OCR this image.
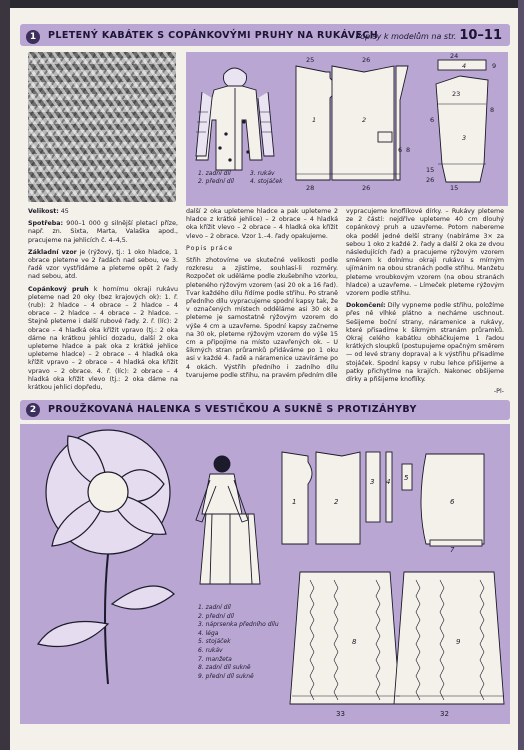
1	PLETENÝ KABÁTEK S COPÁNKOVÝMI PRUHY NA RUKÁVECH
Popisy k modelům na str. 10–11
25	26
28	26
1	2
24
15
15
26
23
9
8
6
3
4
6 8
1. zadní díl
2. přední díl
3. rukáv
4. stojáček

Velikost: 45

Spotřeba: 900–1 000 g silnější pletací příze, např. zn. Sixta, Marta, Valaška apod., pracujeme na jehlicích č. 4–4,5.

Základní vzor je (rýžový, tj.: 1 oko hladce, 1 obrace pleteme ve 2 řadách nad sebou, ve 3. řadě vzor vystřídáme a pleteme opět 2 řady nad sebou, atd.

Copánkový pruh k hornímu okraji rukávu pleteme nad 20 oky (bez krajových ok): 1. ř. (rub): 2 hladce – 4 obrace – 2 hladce – 4 obrace – 2 hladce – 4 obrace – 2 hladce. – Stejně pleteme i další rubové řady. 2. ř. (líc): 2 obrace – 4 hladká oka křížit vpravo (tj.: 2 oka dáme na krátkou jehlici dozadu, další 2 oka upleteme hladce a pak oka z krátké jehlice upleteme hladce) – 2 obrace – 4 hladká oka křížit vpravo – 2 obrace – 4 hladká oka křížit vpravo – 2 obrace. 4. ř. (líc): 2 obrace – 4 hladká oka křížit vlevo (tj.: 2 oka dáme na krátkou jehlici dopředu,

další 2 oka upleteme hladce a pak upleteme 2 hladce z krátké jehlice) – 2 obrace – 4 hladká oka křížit vlevo – 2 obrace – 4 hladká oka křížit vlevo – 2 obrace. Vzor 1.–4. řady opakujeme.

Popis práce

Střih zhotovíme ve skutečné velikosti podle rozkresu a zjistíme, souhlasí-li rozměry. Rozpočet ok uděláme podle zkušebního vzorku, pleteného rýžovým vzorem (asi 20 ok a 16 řad). Tvar každého dílu řídíme podle střihu. Po straně předního dílu vypracujeme spodní kapsy tak, že v označených místech odděláme asi 30 ok a pleteme je samostatně rýžovým vzorem do výše 4 cm a uzavřeme. Spodní kapsy začneme na 30 ok, pleteme rýžovým vzorem do výše 15 cm a připojíme na místo uzavřených ok. – U šikmých stran průramků přidáváme po 1 oku asi v každé 4. řadě a náramenice uzavíráme po 4 okách. Výstřih předního i zadního dílu tvarujeme podle střihu, na pravém předním díle

vypracujeme knoflíkové dírky. – Rukávy pleteme ze 2 částí: nejdříve upleteme 40 cm dlouhý copánkový pruh a uzavřeme. Potom nabereme oka podél jedné delší strany (nabíráme 3× za sebou 1 oko z každé 2. řady a další 2 oka ze dvou následujících řad) a pracujeme rýžovým vzorem směrem k dolnímu okraji rukávu s mírným ujímáním na obou stranách podle střihu. Manžetu pleteme vroubkovým vzorem (na obou stranách hladce) a uzavřeme. – Límeček pleteme rýžovým vzorem podle střihu.

Dokončení: Díly vypneme podle střihu, položíme přes ně vlhké plátno a necháme uschnout. Sešijeme boční strany, náramenice a rukávy, které přisadíme k šikmým stranám průramků. Okraj celého kabátku obháčkujeme 1 řadou krátkých sloupků (postupujeme opačným směrem — od levé strany doprava) a k výstřihu přisadíme stojáček. Spodní kapsy v rubu lehce přišijeme a patky přichytíme na krajích. Nakonec obšijeme dírky a přišijeme knoflíky.

-Pl-

2	PROUŽKOVANÁ HALENKA S VESTIČKOU A SUKNĚ S PROTIZÁHYBY
1	2
3 4 5
6
7
8	9
33	32
1. zadní díl
2. přední díl
3. náprsenka předního dílu
4. léga
5. stojáček
6. rukáv
7. manžeta
8. zadní díl sukně
9. přední díl sukně
